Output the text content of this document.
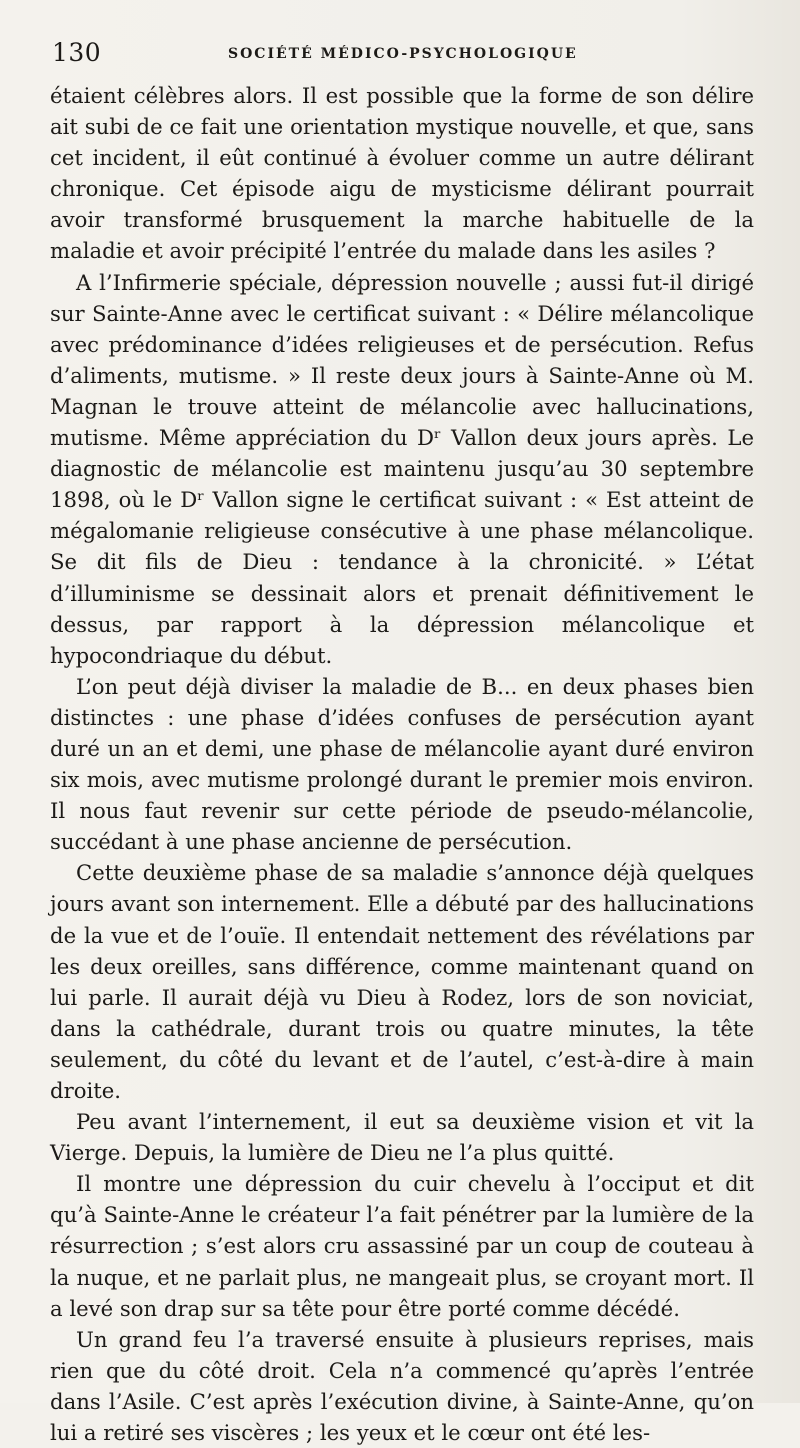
130	SOCIÉTÉ MÉDICO-PSYCHOLOGIQUE

étaient célèbres alors. Il est possible que la forme de son délire ait subi de ce fait une orientation mystique nouvelle, et que, sans cet incident, il eût continué à évoluer comme un autre délirant chronique. Cet épisode aigu de mysticisme délirant pourrait avoir transformé brusquement la marche habituelle de la maladie et avoir précipité l’entrée du malade dans les asiles ?

A l’Infirmerie spéciale, dépression nouvelle ; aussi fut-il dirigé sur Sainte-Anne avec le certificat suivant : « Délire mélancolique avec prédominance d’idées religieuses et de persécution. Refus d’aliments, mutisme. » Il reste deux jours à Sainte-Anne où M. Magnan le trouve atteint de mélancolie avec hallucinations, mutisme. Même appréciation du Dʳ Vallon deux jours après. Le diagnostic de mélancolie est maintenu jusqu’au 30 septembre 1898, où le Dʳ Vallon signe le certificat suivant : « Est atteint de mégalomanie religieuse consécutive à une phase mélancolique. Se dit fils de Dieu : tendance à la chronicité. » L’état d’illuminisme se dessinait alors et prenait définitivement le dessus, par rapport à la dépression mélancolique et hypocondriaque du début.

L’on peut déjà diviser la maladie de B... en deux phases bien distinctes : une phase d’idées confuses de persécution ayant duré un an et demi, une phase de mélancolie ayant duré environ six mois, avec mutisme prolongé durant le premier mois environ. Il nous faut revenir sur cette période de pseudo-mélancolie, succédant à une phase ancienne de persécution.

Cette deuxième phase de sa maladie s’annonce déjà quelques jours avant son internement. Elle a débuté par des hallucinations de la vue et de l’ouïe. Il entendait nettement des révélations par les deux oreilles, sans différence, comme maintenant quand on lui parle. Il aurait déjà vu Dieu à Rodez, lors de son noviciat, dans la cathédrale, durant trois ou quatre minutes, la tête seulement, du côté du levant et de l’autel, c’est-à-dire à main droite.

Peu avant l’internement, il eut sa deuxième vision et vit la Vierge. Depuis, la lumière de Dieu ne l’a plus quitté.

Il montre une dépression du cuir chevelu à l’occiput et dit qu’à Sainte-Anne le créateur l’a fait pénétrer par la lumière de la résurrection ; s’est alors cru assassiné par un coup de couteau à la nuque, et ne parlait plus, ne mangeait plus, se croyant mort. Il a levé son drap sur sa tête pour être porté comme décédé.

Un grand feu l’a traversé ensuite à plusieurs reprises, mais rien que du côté droit. Cela n’a commencé qu’après l’entrée dans l’Asile. C’est après l’exécution divine, à Sainte-Anne, qu’on lui a retiré ses viscères ; les yeux et le cœur ont été les-
